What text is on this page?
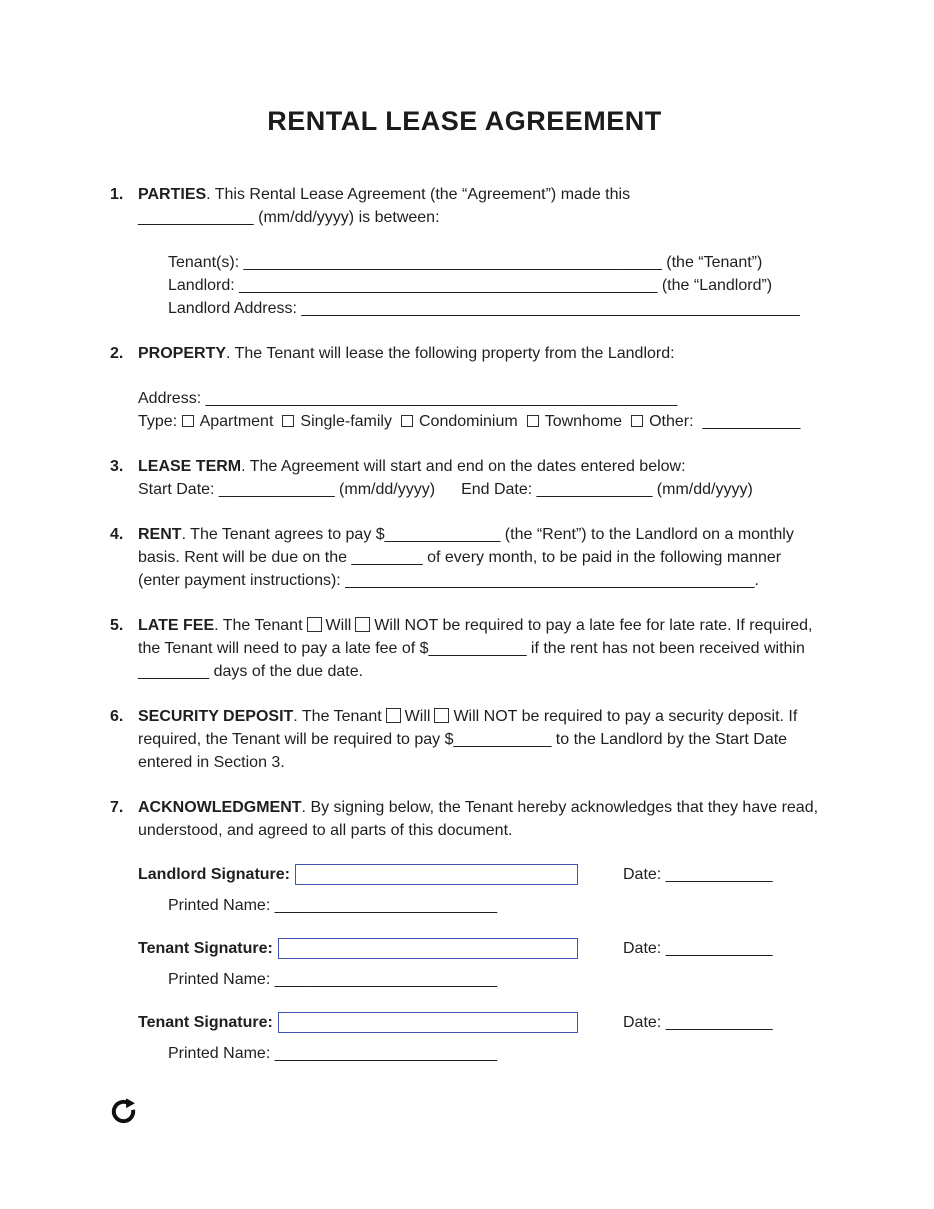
RENTAL LEASE AGREEMENT
1. PARTIES. This Rental Lease Agreement (the “Agreement”) made this
_____________ (mm/dd/yyyy) is between:
Tenant(s): _______________________________________________ (the “Tenant”)
Landlord: _______________________________________________ (the “Landlord”)
Landlord Address: ________________________________________________________
2. PROPERTY. The Tenant will lease the following property from the Landlord:
Address: _____________________________________________________
Type: Apartment Single-family Condominium Townhome Other: ___________
3. LEASE TERM. The Agreement will start and end on the dates entered below:
Start Date: _____________ (mm/dd/yyyy) End Date: _____________ (mm/dd/yyyy)
4. RENT. The Tenant agrees to pay $_____________ (the “Rent”) to the Landlord on a monthly basis. Rent will be due on the ________ of every month, to be paid in the following manner (enter payment instructions): ______________________________________________.
5. LATE FEE. The Tenant Will Will NOT be required to pay a late fee for late rate. If required, the Tenant will need to pay a late fee of $___________ if the rent has not been received within ________ days of the due date.
6. SECURITY DEPOSIT. The Tenant Will Will NOT be required to pay a security deposit. If required, the Tenant will be required to pay $___________ to the Landlord by the Start Date entered in Section 3.
7. ACKNOWLEDGMENT. By signing below, the Tenant hereby acknowledges that they have read, understood, and agreed to all parts of this document.
Landlord Signature:	Date: ____________
Printed Name: _________________________
Tenant Signature:	Date: ____________
Printed Name: _________________________
Tenant Signature:	Date: ____________
Printed Name: _________________________
